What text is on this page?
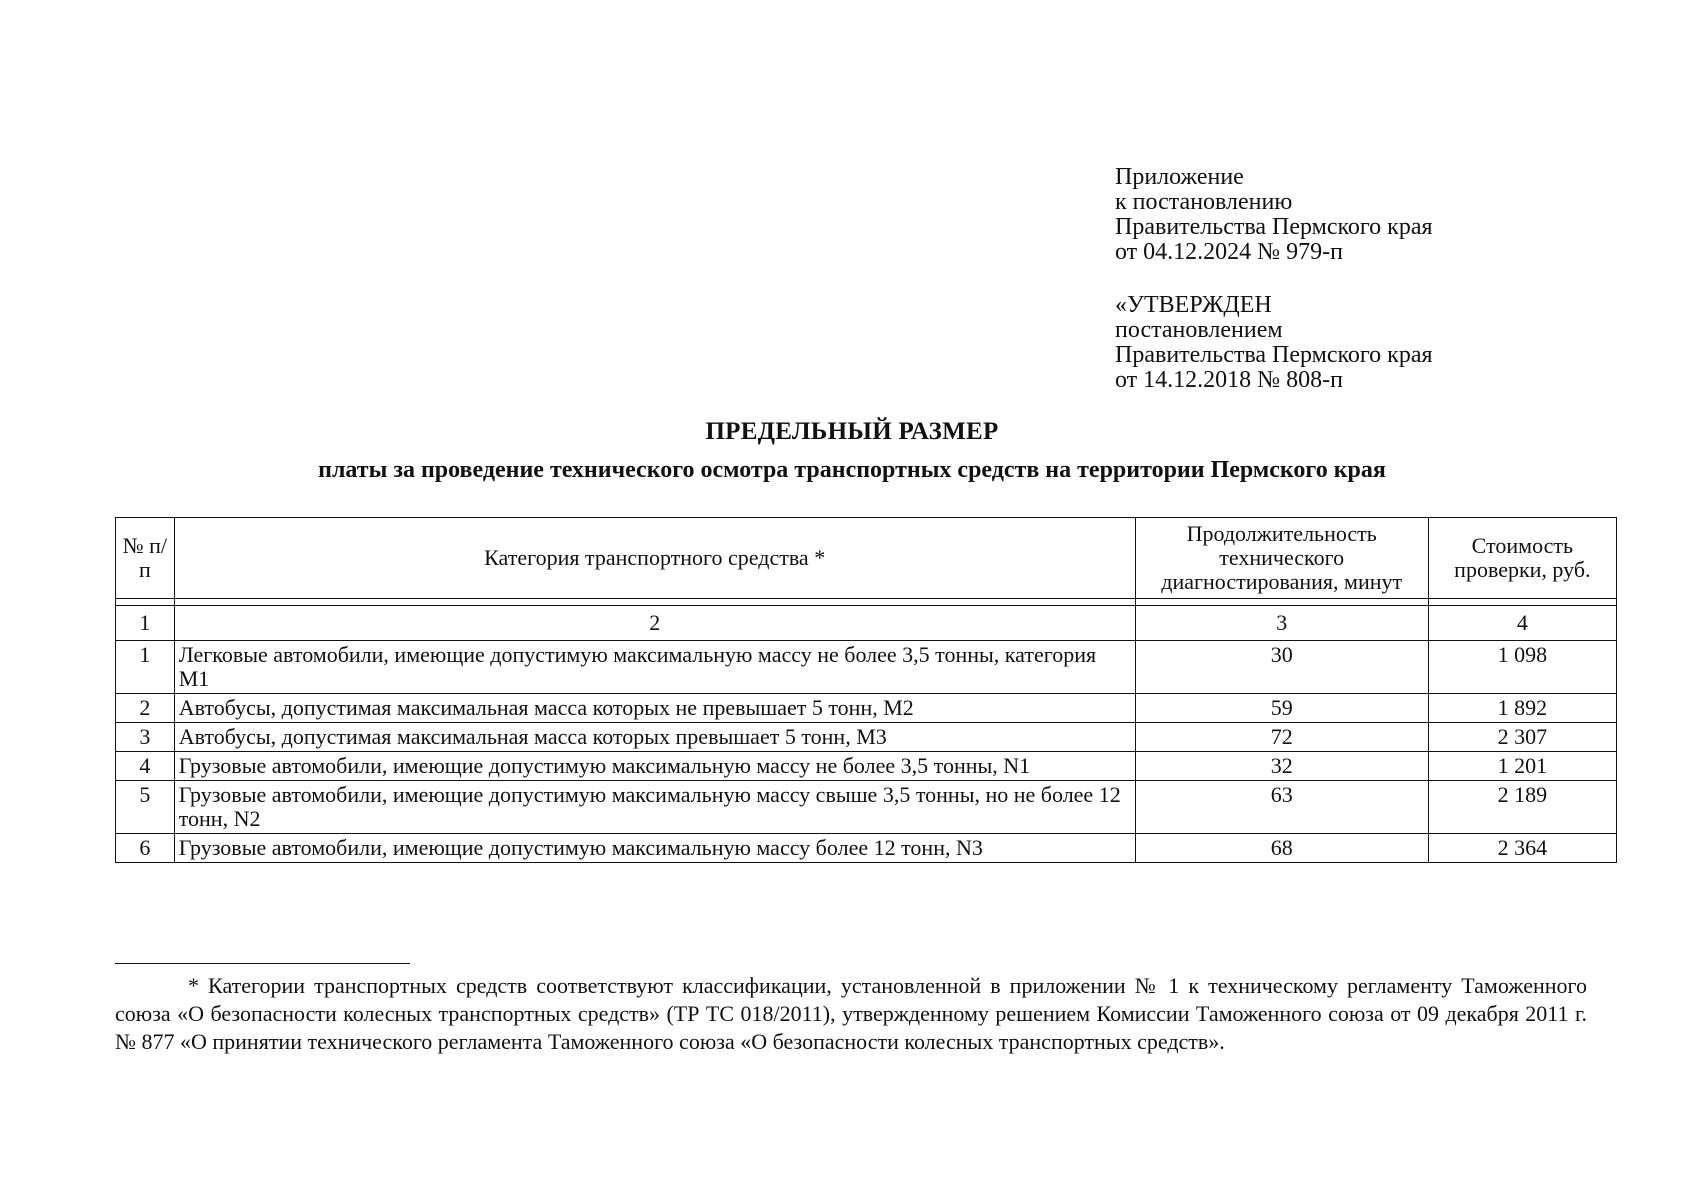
Приложение
к постановлению
Правительства Пермского края
от 04.12.2024 № 979-п
«УТВЕРЖДЕН
постановлением
Правительства Пермского края
от 14.12.2018 № 808-п
ПРЕДЕЛЬНЫЙ РАЗМЕР
платы за проведение технического осмотра транспортных средств на территории Пермского края
№ п/п	Категория транспортного средства *	Продолжительность технического диагностирования, минут	Стоимость проверки, руб.

1	2	3	4
1	Легковые автомобили, имеющие допустимую максимальную массу не более 3,5 тонны, категория М1	30	1 098
2	Автобусы, допустимая максимальная масса которых не превышает 5 тонн, М2	59	1 892
3	Автобусы, допустимая максимальная масса которых превышает 5 тонн, М3	72	2 307
4	Грузовые автомобили, имеющие допустимую максимальную массу не более 3,5 тонны, N1	32	1 201
5	Грузовые автомобили, имеющие допустимую максимальную массу свыше 3,5 тонны, но не более 12 тонн, N2	63	2 189
6	Грузовые автомобили, имеющие допустимую максимальную массу более 12 тонн, N3	68	2 364
* Категории транспортных средств соответствуют классификации, установленной в приложении № 1 к техническому регламенту Таможенного союза «О безопасности колесных транспортных средств» (ТР ТС 018/2011), утвержденному решением Комиссии Таможенного союза от 09 декабря 2011 г. № 877 «О принятии технического регламента Таможенного союза «О безопасности колесных транспортных средств».
